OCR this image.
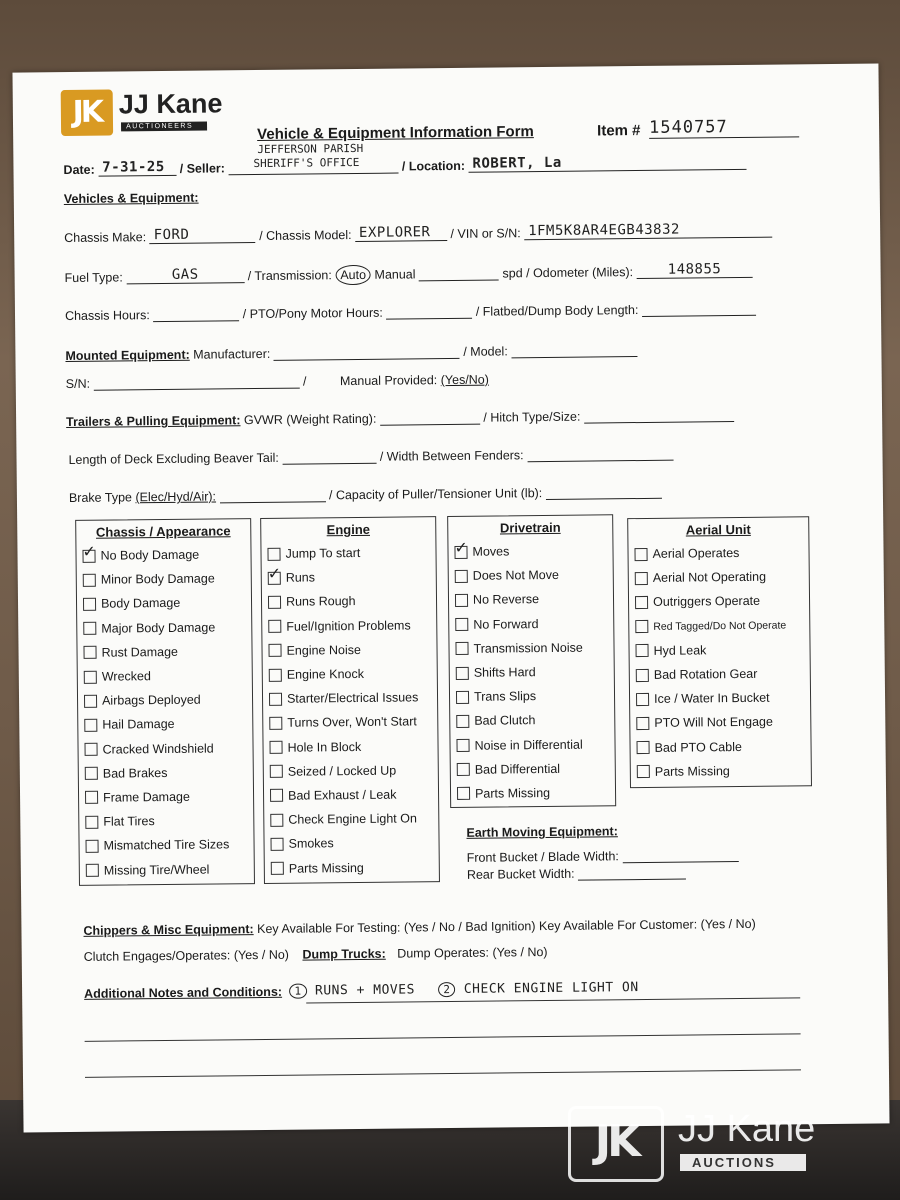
JK JJ Kane
AUCTIONEERS	Vehicle & Equipment Information Form	Item # 1540757
Date: 7-31-25 / Seller:	/ Location: ROBERT, La
JEFFERSON PARISH
SHERIFF'S OFFICE
Vehicles & Equipment:
Chassis Make: FORD	/ Chassis Model: EXPLORER / VIN or S/N: 1FM5K8AR4EGB43832
Fuel Type:	GAS	/ Transmission: Auto Manual	spd / Odometer (Miles): 148855
Chassis Hours:	/ PTO/Pony Motor Hours:	/ Flatbed/Dump Body Length:
Mounted Equipment: Manufacturer:	/ Model:
S/N:	/ Manual Provided: (Yes/No)
Trailers & Pulling Equipment: GVWR (Weight Rating):	/ Hitch Type/Size:
Length of Deck Excluding Beaver Tail:	/ Width Between Fenders:
Brake Type (Elec/Hyd/Air):	/ Capacity of Puller/Tensioner Unit (lb):
Chassis / Appearance
✓
No Body Damage
Minor Body Damage
Body Damage
Major Body Damage
Rust Damage
Wrecked
Airbags Deployed
Hail Damage
Cracked Windshield
Bad Brakes
Frame Damage
Flat Tires
Mismatched Tire Sizes
Missing Tire/Wheel
Engine
Jump To start
✓
Runs
Runs Rough
Fuel/Ignition Problems
Engine Noise
Engine Knock
Starter/Electrical Issues
Turns Over, Won't Start
Hole In Block
Seized / Locked Up
Bad Exhaust / Leak
Check Engine Light On
Smokes
Parts Missing
Drivetrain
✓
Moves
Does Not Move
No Reverse
No Forward
Transmission Noise
Shifts Hard
Trans Slips
Bad Clutch
Noise in Differential
Bad Differential
Parts Missing
Aerial Unit
Aerial Operates
Aerial Not Operating
Outriggers Operate
Red Tagged/Do Not Operate
Hyd Leak
Bad Rotation Gear
Ice / Water In Bucket
PTO Will Not Engage
Bad PTO Cable
Parts Missing
Earth Moving Equipment:
Front Bucket / Blade Width:
Rear Bucket Width:
Chippers & Misc Equipment: Key Available For Testing: (Yes / No / Bad Ignition) Key Available For Customer: (Yes / No)
Clutch Engages/Operates: (Yes / No) Dump Trucks: Dump Operates: (Yes / No)
Additional Notes and Conditions: 1 RUNS + MOVES	2 CHECK ENGINE LIGHT ON
JK	JJ Kane
AUCTIONS
